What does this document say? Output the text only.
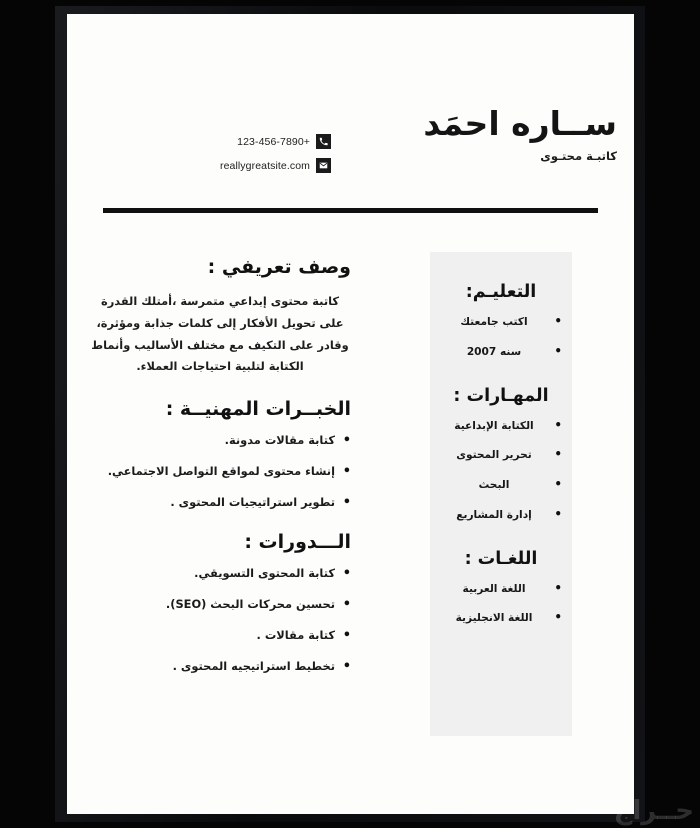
ســاره احمَد
كاتبـة محتـوى
123-456-7890+
reallygreatsite.com
وصف تعريفي :
كاتبة محتوى إبداعي متمرسة ،أمتلك القدرة على تحويل الأفكار إلى كلمات جذابة ومؤثرة، وقادر على التكيف مع مختلف الأساليب وأنماط الكتابة لتلبية احتياجات العملاء.
الخبــرات المهنيــة :
• كتابة مقالات مدونة.
• إنشاء محتوى لمواقع التواصل الاجتماعي.
• تطوير استراتيجيات المحتوى .
الـــدورات :
• كتابة المحتوى التسويقي.
• تحسين محركات البحث (SEO).
• كتابة مقالات .
• تخطيط استراتيجيه المحتوى .
التعليـم:
• اكتب جامعتك
• سنه 2007
المهـارات :
• الكتابة الإبداعية
• تحرير المحتوى
• البحث
• إدارة المشاريع
اللغـات :
• اللغة العربية
• اللغة الانجليزية
حــراج
